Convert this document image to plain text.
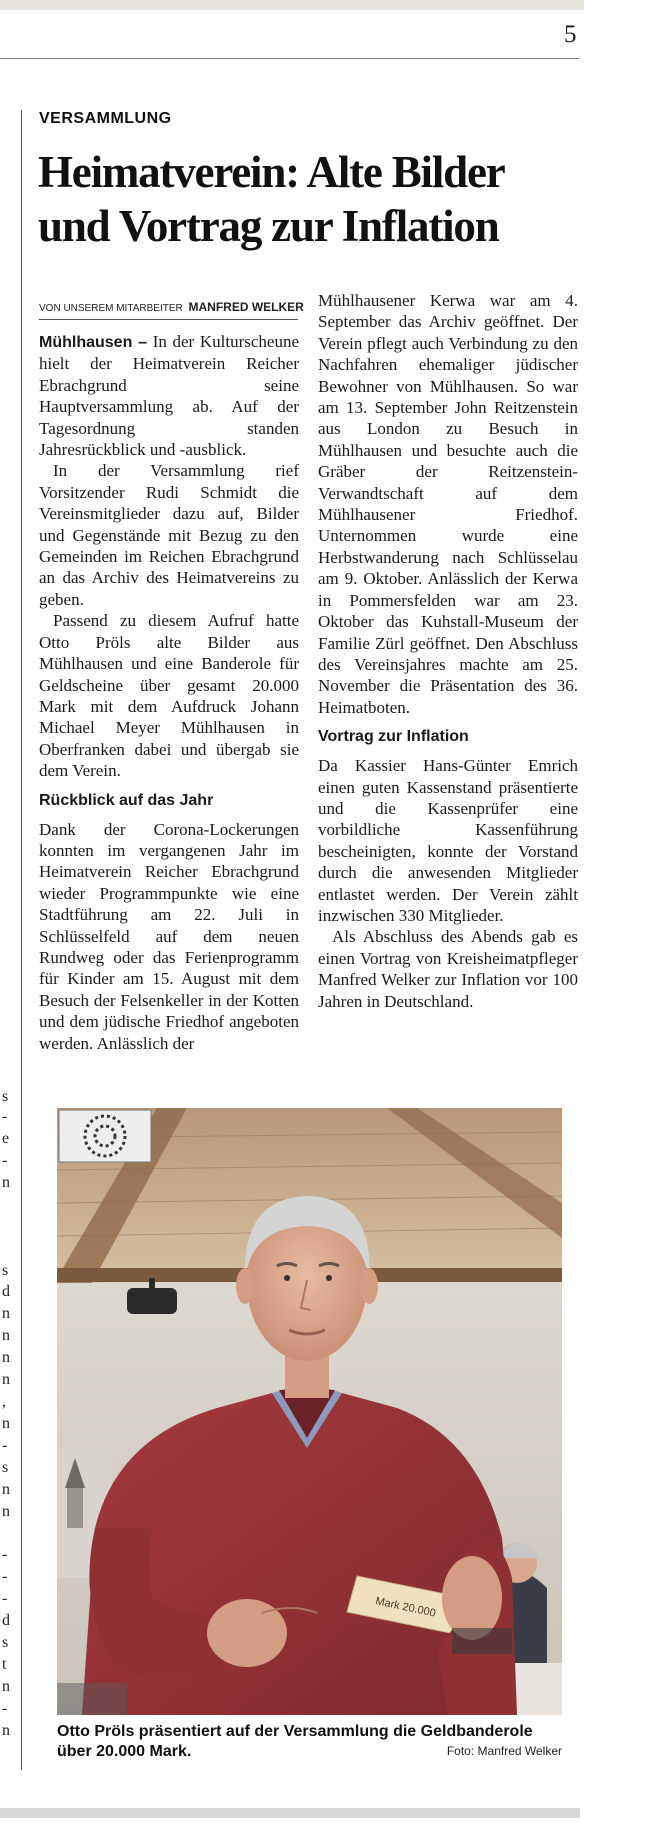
5
s
-
e
-
n
s
d
n
n
n
n
,
n
-
s
n
n
-
-
-
d
s
t
n
-
n
VERSAMMLUNG
Heimatverein: Alte Bilder
und Vortrag zur Inflation
VON UNSEREM MITARBEITER MANFRED WELKER

Mühlhausen – In der Kulturscheune hielt der Heimatverein Reicher Ebrachgrund seine Hauptversammlung ab. Auf der Tagesordnung standen Jahresrückblick und -ausblick.

In der Versammlung rief Vorsitzender Rudi Schmidt die Vereinsmitglieder dazu auf, Bilder und Gegenstände mit Bezug zu den Gemeinden im Reichen Ebrachgrund an das Archiv des Heimatvereins zu geben.

Passend zu diesem Aufruf hatte Otto Pröls alte Bilder aus Mühlhausen und eine Banderole für Geldscheine über gesamt 20.000 Mark mit dem Aufdruck Johann Michael Meyer Mühlhausen in Oberfranken dabei und übergab sie dem Verein.

Rückblick auf das Jahr

Dank der Corona-Lockerungen konnten im vergangenen Jahr im Heimatverein Reicher Ebrachgrund wieder Programmpunkte wie eine Stadtführung am 22. Juli in Schlüsselfeld auf dem neuen Rundweg oder das Ferienprogramm für Kinder am 15. August mit dem Besuch der Felsenkeller in der Kotten und dem jüdische Friedhof angeboten werden. Anlässlich der

Mühlhausener Kerwa war am 4. September das Archiv geöffnet. Der Verein pflegt auch Verbindung zu den Nachfahren ehemaliger jüdischer Bewohner von Mühlhausen. So war am 13. September John Reitzenstein aus London zu Besuch in Mühlhausen und besuchte auch die Gräber der Reitzenstein-Verwandtschaft auf dem Mühlhausener Friedhof. Unternommen wurde eine Herbstwanderung nach Schlüsselau am 9. Oktober. Anlässlich der Kerwa in Pommersfelden war am 23. Oktober das Kuhstall-Museum der Familie Zürl geöffnet. Den Abschluss des Vereinsjahres machte am 25. November die Präsentation des 36. Heimatboten.

Vortrag zur Inflation

Da Kassier Hans-Günter Emrich einen guten Kassenstand präsentierte und die Kassenprüfer eine vorbildliche Kassenführung bescheinigten, konnte der Vorstand durch die anwesenden Mitglieder entlastet werden. Der Verein zählt inzwischen 330 Mitglieder.

Als Abschluss des Abends gab es einen Vortrag von Kreisheimatpfleger Manfred Welker zur Inflation vor 100 Jahren in Deutschland.

Mark 20.000
Otto Pröls präsentiert auf der Versammlung die Geldbanderole
über 20.000 Mark.	Foto: Manfred Welker
